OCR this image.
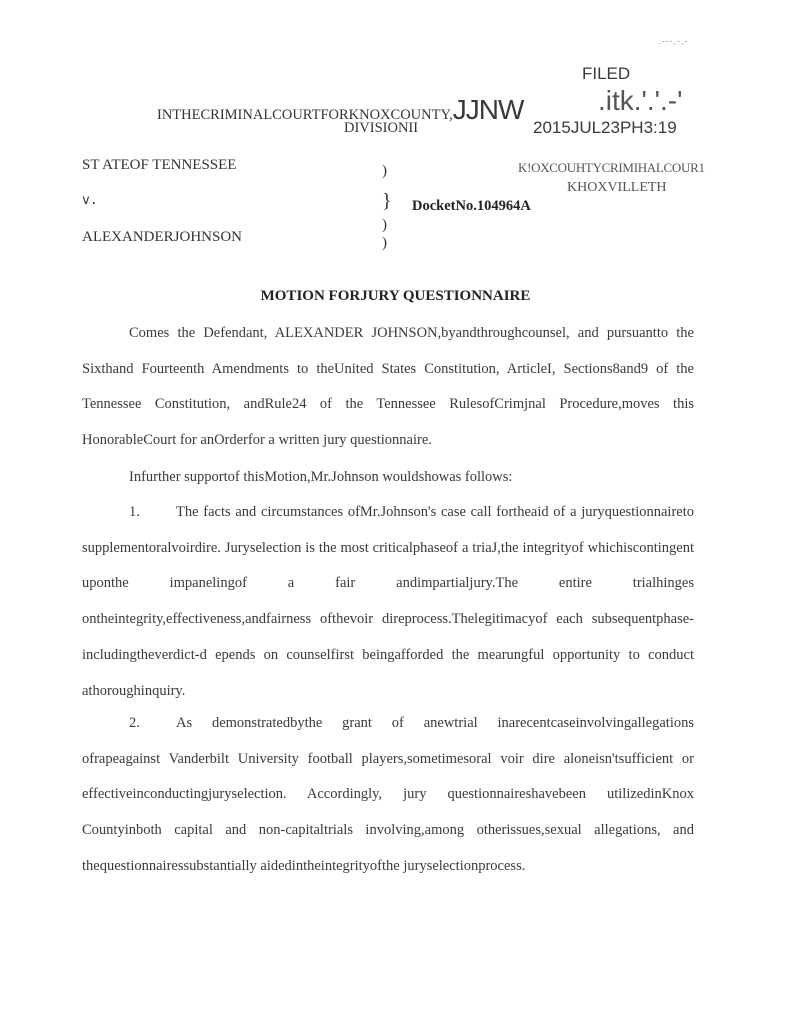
.---,-,-
FILED
.itk.'.'.-'
2015JUL23PH3:19
K!OXCOUHTYCRIMIHALCOUR1
KHOXVILLETH
INTHECRIMINALCOURTFORKNOXCOUNTY,JJNW
DIVISIONII
ST ATEOF TENNESSEE
v.
ALEXANDERJOHNSON
)
}
)
)
DocketNo.104964A
MOTION FORJURY QUESTIONNAIRE

Comes the Defendant, ALEXANDER JOHNSON,byandthroughcounsel, and pursuantto the Sixthand Fourteenth Amendments to theUnited States Constitution, ArticleI, Sections8and9 of the Tennessee Constitution, andRule24 of the Tennessee RulesofCrimjnal Procedure,moves this HonorableCourt for anOrderfor a written jury questionnaire.

Infurther supportof thisMotion,Mr.Johnson wouldshowas follows:

1. The facts and circumstances ofMr.Johnson's case call fortheaid of a juryquestionnaireto supplementoralvoirdire. Juryselection is the most criticalphaseof a triaJ,the integrityof whichiscontingent uponthe impanelingof a fair andimpartialjury.The entire trialhinges ontheintegrity,effectiveness,andfairness ofthevoir direprocess.Thelegitimacyof each subsequentphase-includingtheverdict-d epends on counselfirst beingafforded the mearungful opportunity to conduct athoroughinquiry.

2. As demonstratedbythe grant of anewtrial inarecentcaseinvolvingallegations ofrapeagainst Vanderbilt University football players,sometimesoral voir dire aloneisn'tsufficient or effectiveinconductingjuryselection. Accordingly, jury questionnaireshavebeen utilizedinKnox Countyinboth capital and non-capitaltrials involving,among otherissues,sexual allegations, and thequestionnairessubstantially aidedintheintegrityofthe juryselectionprocess.
